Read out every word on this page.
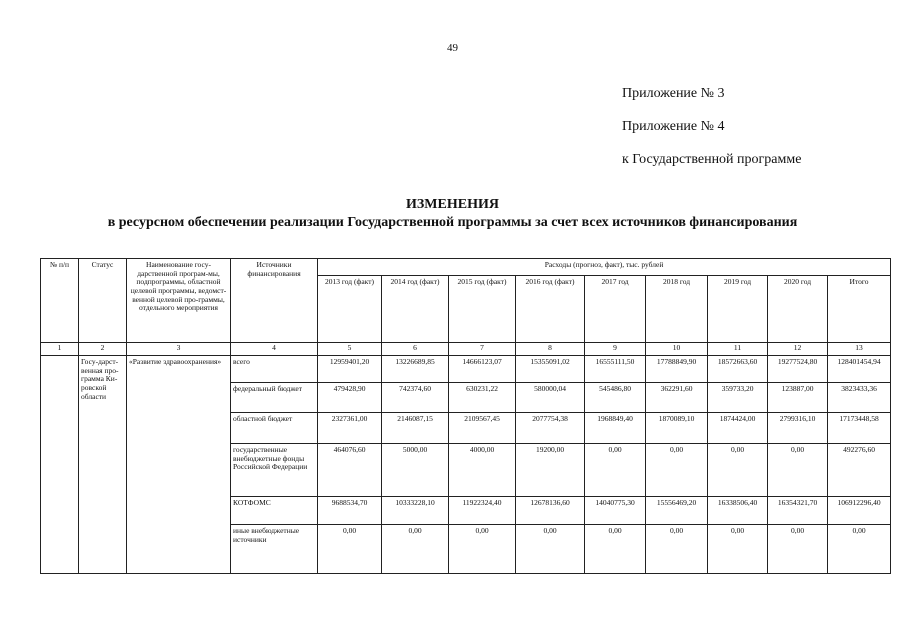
49
Приложение № 3
Приложение № 4
к Государственной программе
ИЗМЕНЕНИЯ
в ресурсном обеспечении реализации Государственной программы за счет всех источников финансирования
№ п/п	Статус	Наименование госу-дарственной програм-мы, подпрограммы, областной целевой программы, ведомст-венной целевой про-граммы, отдельного мероприятия	Источники финансирования	Расходы (прогноз, факт), тыс. рублей								
				2013 год (факт)	2014 год (факт)	2015 год (факт)	2016 год (факт)	2017 год	2018 год	2019 год	2020 год	Итого
1	2	3	4	5	6	7	8	9	10	11	12	13
	Госу-дарст-венная про-грамма Ки-ровской области	«Развитие здравоохранения»	всего	12959401,20	13226689,85	14666123,07	15355091,02	16555111,50	17788849,90	18572663,60	19277524,80	128401454,94
			федеральный бюджет	479428,90	742374,60	630231,22	580000,04	545486,80	362291,60	359733,20	123887,00	3823433,36
			областной бюджет	2327361,00	2146087,15	2109567,45	2077754,38	1968849,40	1870089,10	1874424,00	2799316,10	17173448,58
			государственные внебюджетные фонды Российской Федерации	464076,60	5000,00	4000,00	19200,00	0,00	0,00	0,00	0,00	492276,60
			КОТФОМС	9688534,70	10333228,10	11922324,40	12678136,60	14040775,30	15556469,20	16338506,40	16354321,70	106912296,40
			иные внебюджетные источники	0,00	0,00	0,00	0,00	0,00	0,00	0,00	0,00	0,00
